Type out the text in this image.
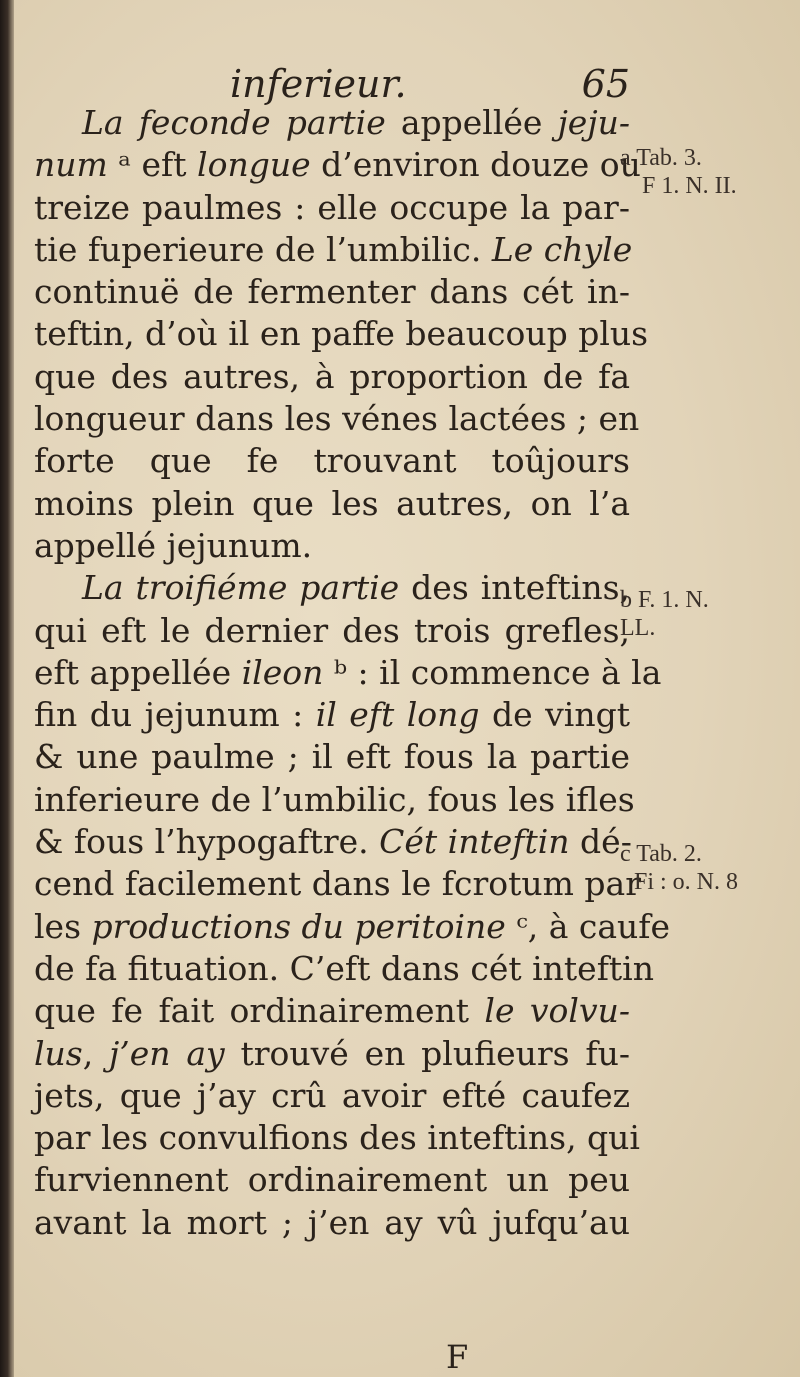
inferieur.	65
La feconde partie appellée jeju-
num ᵃ eft longue d’environ douze ou
treize paulmes : elle occupe la par-
tie fuperieure de l’umbilic. Le chyle
continuë de fermenter dans cét in-
teftin, d’où il en paffe beaucoup plus
que des autres, à proportion de fa
longueur dans les vénes lactées ; en
forte que fe trouvant toûjours
moins plein que les autres, on l’a
appellé jejunum.
La troifiéme partie des inteftins,
qui eft le dernier des trois grefles,
eft appellée ileon ᵇ : il commence à la
fin du jejunum : il eft long de vingt
& une paulme ; il eft fous la partie
inferieure de l’umbilic, fous les ifles
& fous l’hypogaftre. Cét inteftin dé-
cend facilement dans le fcrotum par
les productions du peritoine ᶜ, à caufe
de fa fituation. C’eft dans cét inteftin
que fe fait ordinairement le volvu-
lus, j’en ay trouvé en plufieurs fu-
jets, que j’ay crû avoir efté caufez
par les convulfions des inteftins, qui
furviennent ordinairement un peu
avant la mort ; j’en ay vû jufqu’au
a Tab. 3.
F 1. N. II.
b F. 1. N.
LL.
c Tab. 2.
Fi : o. N. 8
F
